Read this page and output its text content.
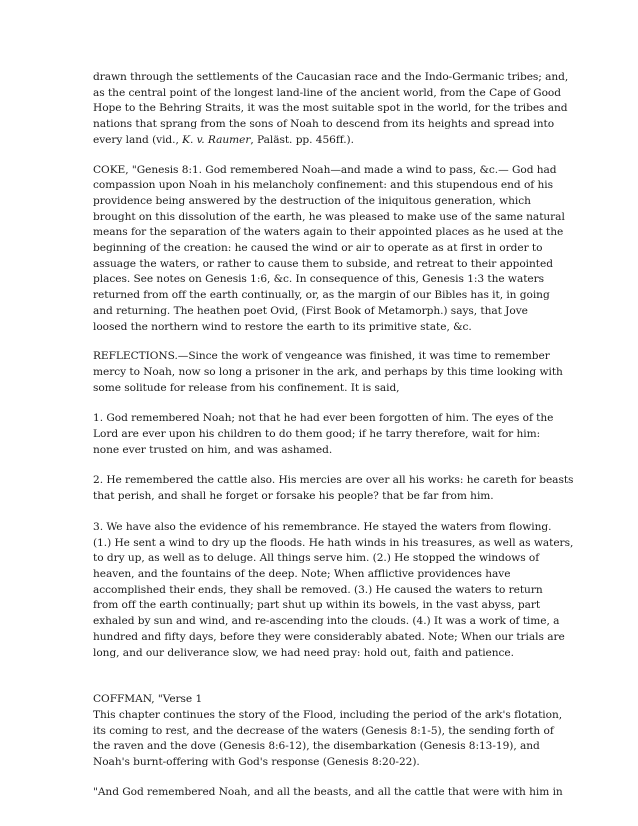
drawn through the settlements of the Caucasian race and the Indo-Germanic tribes; and,
as the central point of the longest land-line of the ancient world, from the Cape of Good
Hope to the Behring Straits, it was the most suitable spot in the world, for the tribes and
nations that sprang from the sons of Noah to descend from its heights and spread into
every land (vid., K. v. Raumer, Paläst. pp. 456ff.).

COKE, "Genesis 8:1. God remembered Noah—and made a wind to pass, &c.— God had
compassion upon Noah in his melancholy confinement: and this stupendous end of his
providence being answered by the destruction of the iniquitous generation, which
brought on this dissolution of the earth, he was pleased to make use of the same natural
means for the separation of the waters again to their appointed places as he used at the
beginning of the creation: he caused the wind or air to operate as at first in order to
assuage the waters, or rather to cause them to subside, and retreat to their appointed
places. See notes on Genesis 1:6, &c. In consequence of this, Genesis 1:3 the waters
returned from off the earth continually, or, as the margin of our Bibles has it, in going
and returning. The heathen poet Ovid, (First Book of Metamorph.) says, that Jove
loosed the northern wind to restore the earth to its primitive state, &c.

REFLECTIONS.—Since the work of vengeance was finished, it was time to remember
mercy to Noah, now so long a prisoner in the ark, and perhaps by this time looking with
some solitude for release from his confinement. It is said,

1. God remembered Noah; not that he had ever been forgotten of him. The eyes of the
Lord are ever upon his children to do them good; if he tarry therefore, wait for him:
none ever trusted on him, and was ashamed.

2. He remembered the cattle also. His mercies are over all his works: he careth for beasts
that perish, and shall he forget or forsake his people? that be far from him.

3. We have also the evidence of his remembrance. He stayed the waters from flowing.
(1.) He sent a wind to dry up the floods. He hath winds in his treasures, as well as waters,
to dry up, as well as to deluge. All things serve him. (2.) He stopped the windows of
heaven, and the fountains of the deep. Note; When afflictive providences have
accomplished their ends, they shall be removed. (3.) He caused the waters to return
from off the earth continually; part shut up within its bowels, in the vast abyss, part
exhaled by sun and wind, and re-ascending into the clouds. (4.) It was a work of time, a
hundred and fifty days, before they were considerably abated. Note; When our trials are
long, and our deliverance slow, we had need pray: hold out, faith and patience.

COFFMAN, "Verse 1
This chapter continues the story of the Flood, including the period of the ark's flotation,
its coming to rest, and the decrease of the waters (Genesis 8:1-5), the sending forth of
the raven and the dove (Genesis 8:6-12), the disembarkation (Genesis 8:13-19), and
Noah's burnt-offering with God's response (Genesis 8:20-22).

"And God remembered Noah, and all the beasts, and all the cattle that were with him in
